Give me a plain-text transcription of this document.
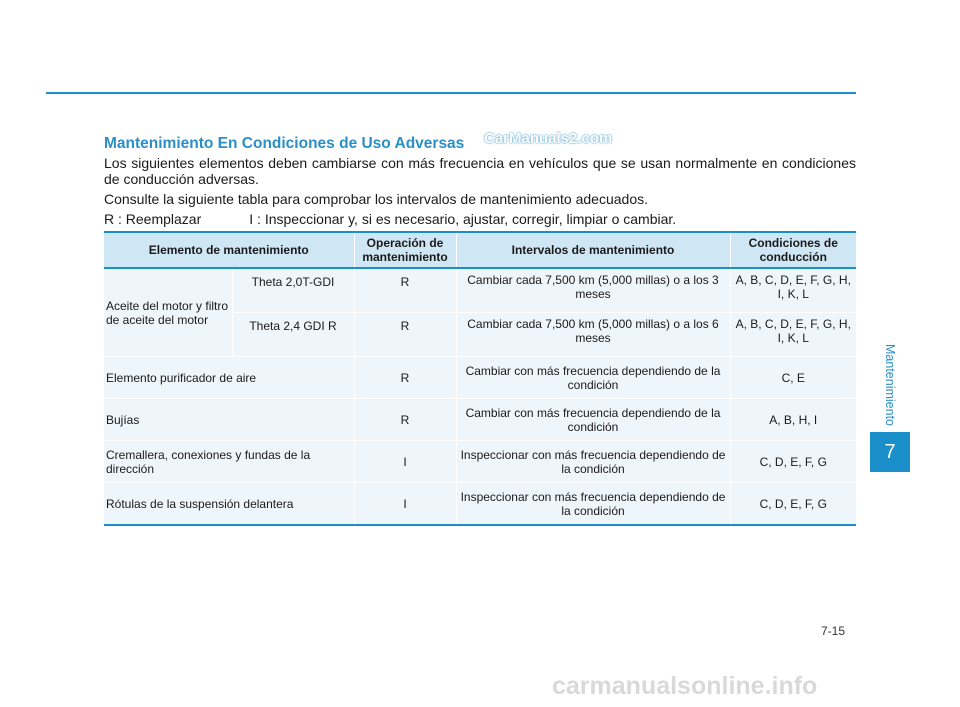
Mantenimiento En Condiciones de Uso Adversas CarManuals2.com

Los siguientes elementos deben cambiarse con más frecuencia en vehículos que se usan normalmente en condiciones de conducción adversas.

Consulte la siguiente tabla para comprobar los intervalos de mantenimiento adecuados.

R : Reemplazar	I : Inspeccionar y, si es necesario, ajustar, corregir, limpiar o cambiar.

Elemento de mantenimiento		Operación de mantenimiento	Intervalos de mantenimiento	Condiciones de conducción
Aceite del motor y filtro de aceite del motor	Theta 2,0T-GDI	R	Cambiar cada 7,500 km (5,000 millas) o a los 3 meses	A, B, C, D, E, F, G, H, I, K, L
	Theta 2,4 GDI R	R	Cambiar cada 7,500 km (5,000 millas) o a los 6 meses	A, B, C, D, E, F, G, H, I, K, L
Elemento purificador de aire		R	Cambiar con más frecuencia dependiendo de la condición	C, E
Bujías		R	Cambiar con más frecuencia dependiendo de la condición	A, B, H, I
Cremallera, conexiones y fundas de la dirección		I	Inspeccionar con más frecuencia dependiendo de la condición	C, D, E, F, G
Rótulas de la suspensión delantera		I	Inspeccionar con más frecuencia dependiendo de la condición	C, D, E, F, G
Mantenimiento
7
7-15
carmanualsonline.info
